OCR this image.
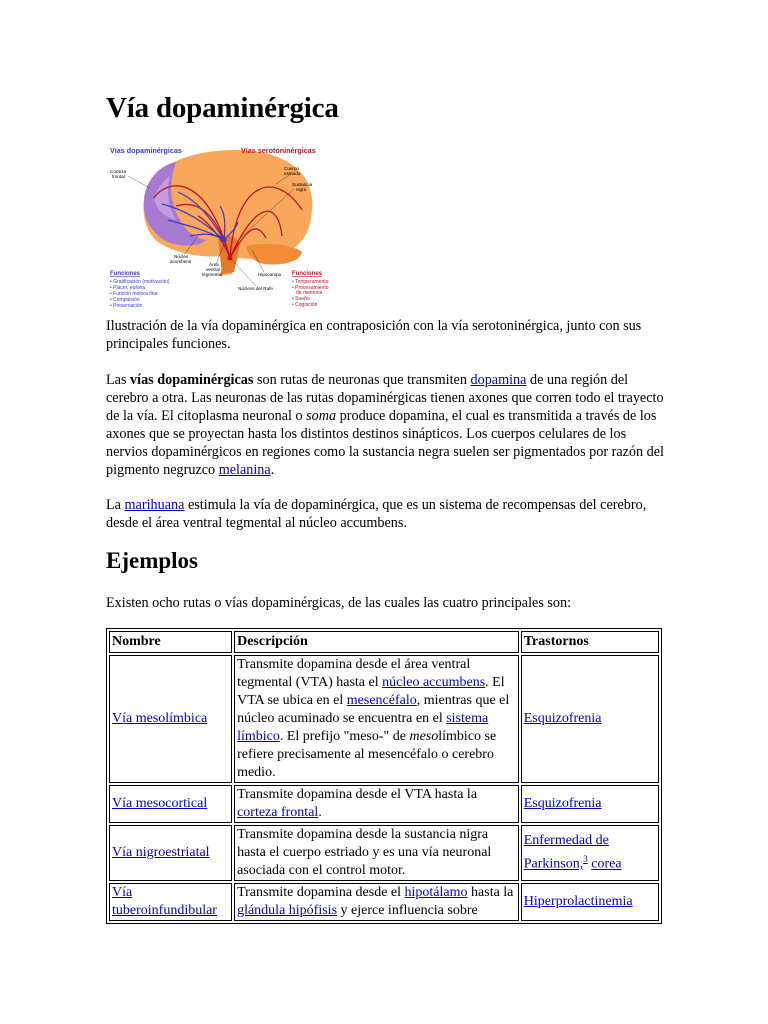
Vía dopaminérgica
Vías dopaminérgicas	Vías serotoninérgicas
Corteza
frontal
Cuerpo
estriado
Sustancia
nigra
Núcleo
acumbens
Área
ventral
tegmental	Hipocampo
Núcleos del Rafe
Funciones
• Gratificación (motivación)
• Placer, euforia
• Función motora fina
• Compulsión
• Preservación
Funciones
• Temperamento
• Procesamiento
de memoria
• Sueño
• Cognición

Ilustración de la vía dopaminérgica en contraposición con la vía serotoninérgica, junto con sus principales funciones.

Las vías dopaminérgicas son rutas de neuronas que transmiten dopamina de una región del cerebro a otra. Las neuronas de las rutas dopaminérgicas tienen axones que corren todo el trayecto de la vía. El citoplasma neuronal o soma produce dopamina, el cual es transmitida a través de los axones que se proyectan hasta los distintos destinos sinápticos. Los cuerpos celulares de los nervios dopaminérgicos en regiones como la sustancia negra suelen ser pigmentados por razón del pigmento negruzco melanina.

La marihuana estimula la vía de dopaminérgica, que es un sistema de recompensas del cerebro, desde el área ventral tegmental al núcleo accumbens.

Ejemplos

Existen ocho rutas o vías dopaminérgicas, de las cuales las cuatro principales son:

Nombre	Descripción	Trastornos
Vía mesolímbica	Transmite dopamina desde el área ventral tegmental (VTA) hasta el núcleo accumbens. El VTA se ubica en el mesencéfalo, mientras que el núcleo acuminado se encuentra en el sistema límbico. El prefijo "meso-" de mesolímbico se refiere precisamente al mesencéfalo o cerebro medio.	Esquizofrenia
Vía mesocortical	Transmite dopamina desde el VTA hasta la corteza frontal.	Esquizofrenia
Vía nigroestriatal	Transmite dopamina desde la sustancia nigra hasta el cuerpo estriado y es una vía neuronal asociada con el control motor.	Enfermedad de Parkinson,$^3$ corea
Vía tuberoinfundibular	Transmite dopamina desde el hipotálamo hasta la glándula hipófisis y ejerce influencia sobre	Hiperprolactinemia
